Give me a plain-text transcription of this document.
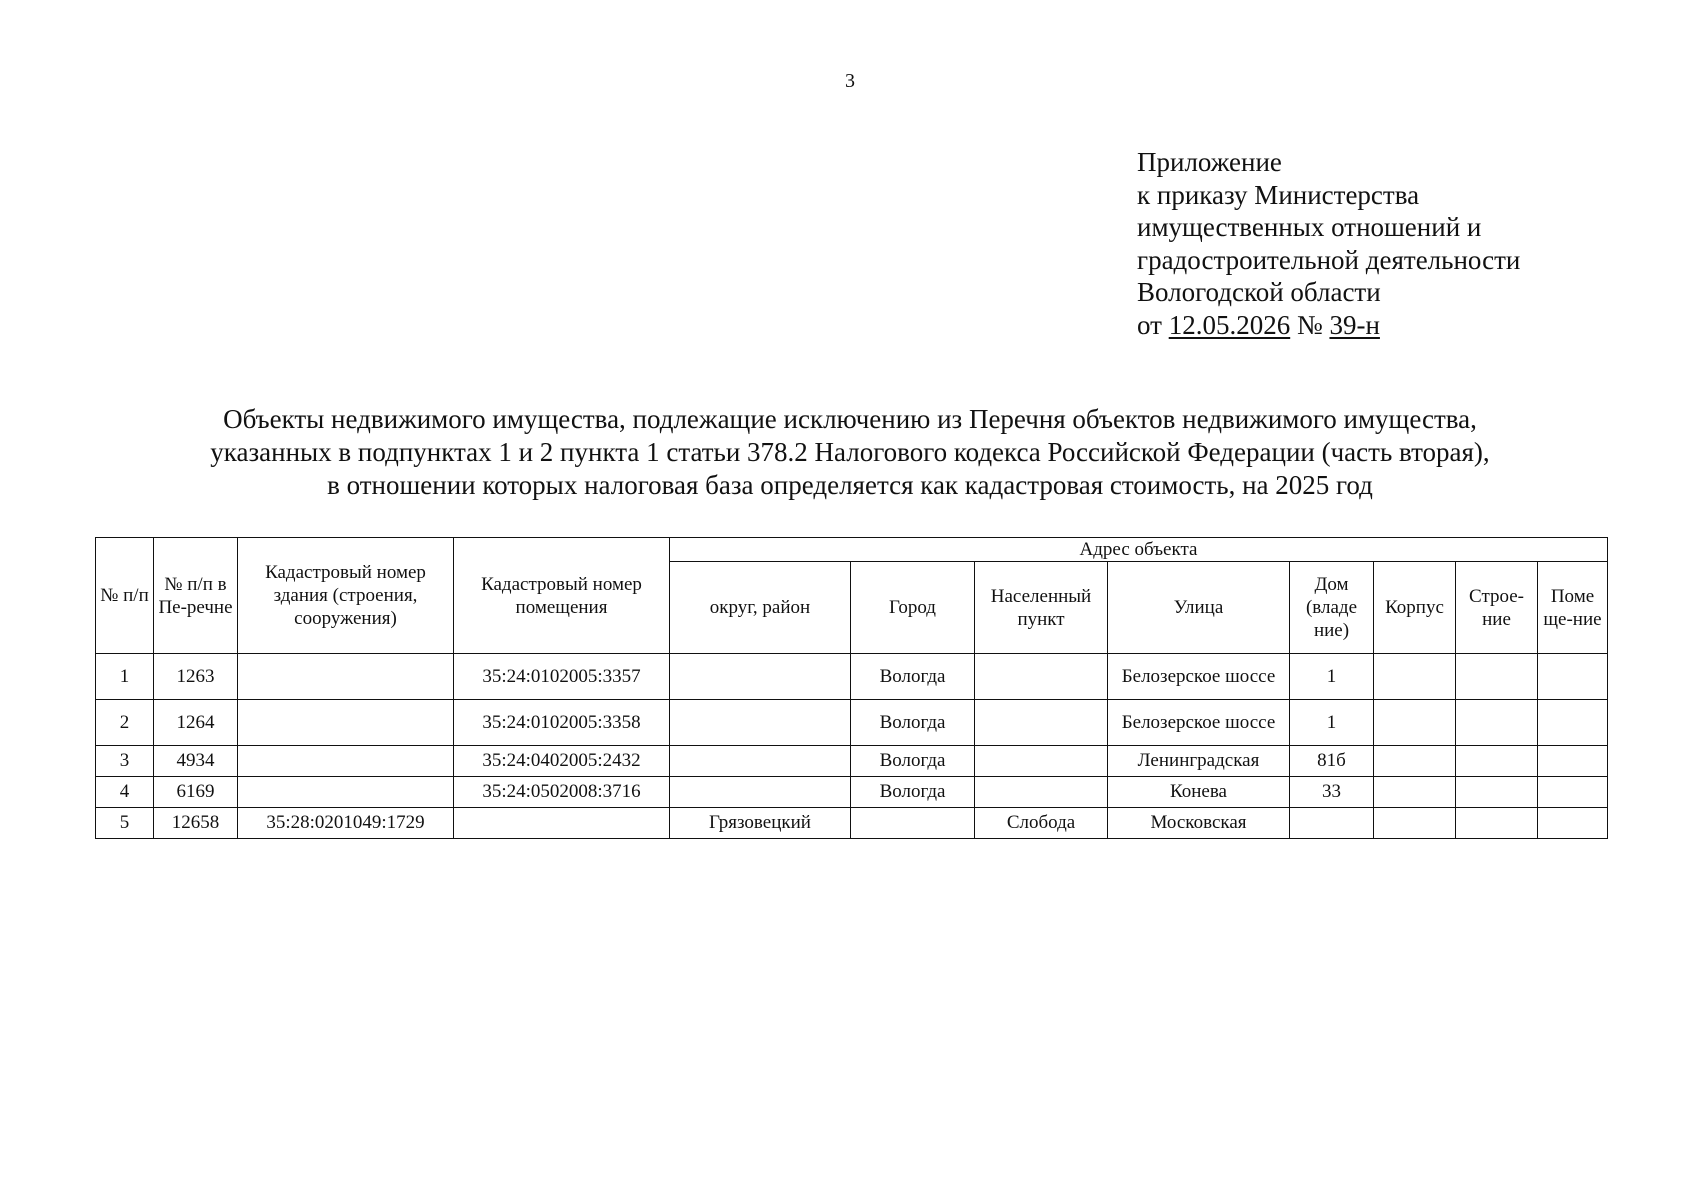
3
Приложение
к приказу Министерства
имущественных отношений и
градостроительной деятельности
Вологодской области
от 12.05.2026 № 39-н
Объекты недвижимого имущества, подлежащие исключению из Перечня объектов недвижимого имущества,
указанных в подпунктах 1 и 2 пункта 1 статьи 378.2 Налогового кодекса Российской Федерации (часть вторая),
в отношении которых налоговая база определяется как кадастровая стоимость, на 2025 год
№ п/п	№ п/п в Пе-речне	Кадастровый номер здания (строения, сооружения)	Кадастровый номер помещения	Адрес объекта							
				округ, район	Город	Населенный пункт	Улица	Дом (владе ние)	Корпус	Строе-ние	Поме ще-ние
1	1263		35:24:0102005:3357		Вологда		Белозерское шоссе	1			
2	1264		35:24:0102005:3358		Вологда		Белозерское шоссе	1			
3	4934		35:24:0402005:2432		Вологда		Ленинградская	81б			
4	6169		35:24:0502008:3716		Вологда		Конева	33			
5	12658	35:28:0201049:1729		Грязовецкий		Слобода	Московская				
